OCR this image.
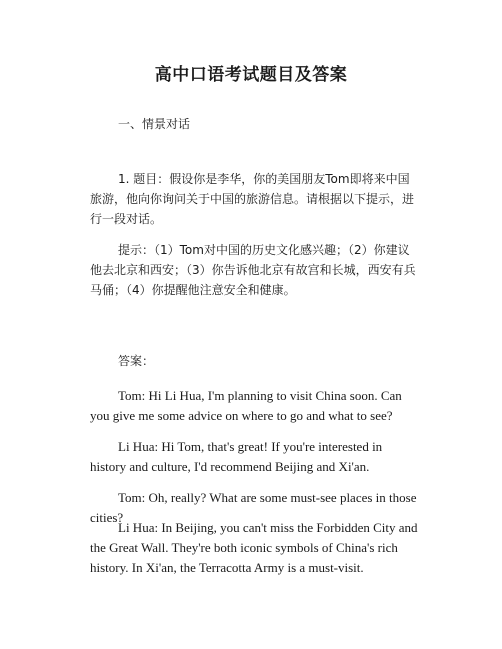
高中口语考试题目及答案

一、情景对话

1. 题目：假设你是李华，你的美国朋友Tom即将来中国旅游，他向你询问关于中国的旅游信息。请根据以下提示，进行一段对话。

提示：（1）Tom对中国的历史文化感兴趣；（2）你建议他去北京和西安；（3）你告诉他北京有故宫和长城，西安有兵马俑；（4）你提醒他注意安全和健康。

答案：

Tom: Hi Li Hua, I'm planning to visit China soon. Can you give me some advice on where to go and what to see?

Li Hua: Hi Tom, that's great! If you're interested in history and culture, I'd recommend Beijing and Xi'an.

Tom: Oh, really? What are some must-see places in those cities?

Li Hua: In Beijing, you can't miss the Forbidden City and the Great Wall. They're both iconic symbols of China's rich history. In Xi'an, the Terracotta Army is a must-visit.
